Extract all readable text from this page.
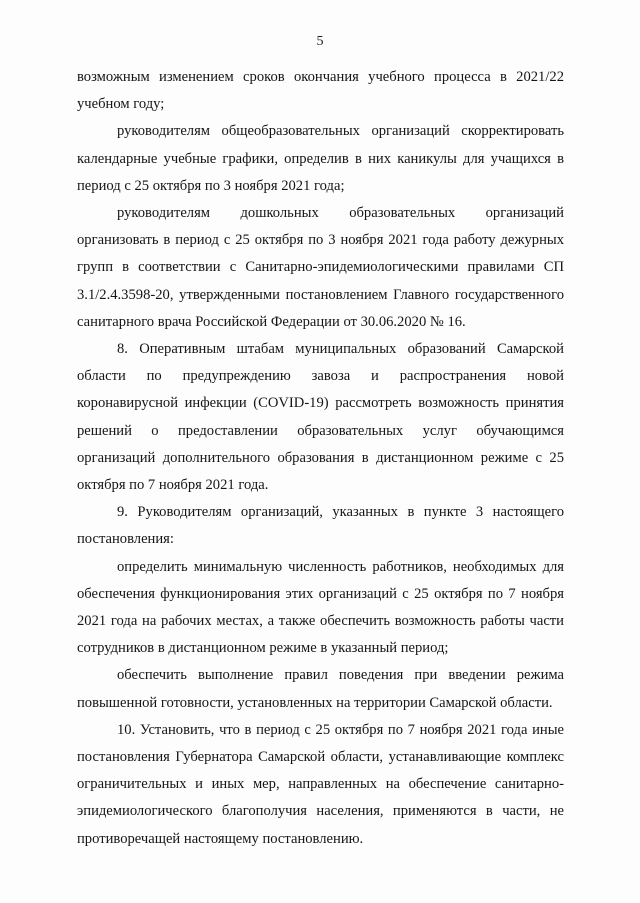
5

возможным изменением сроков окончания учебного процесса в 2021/22 учебном году;

руководителям общеобразовательных организаций скорректировать календарные учебные графики, определив в них каникулы для учащихся в период с 25 октября по 3 ноября 2021 года;

руководителям дошкольных образовательных организаций организовать в период с 25 октября по 3 ноября 2021 года работу дежурных групп в соответствии с Санитарно-эпидемиологическими правилами СП 3.1/2.4.3598-20, утвержденными постановлением Главного государственного санитарного врача Российской Федерации от 30.06.2020 № 16.

8. Оперативным штабам муниципальных образований Самарской области по предупреждению завоза и распространения новой коронавирусной инфекции (COVID-19) рассмотреть возможность принятия решений о предоставлении образовательных услуг обучающимся организаций дополнительного образования в дистанционном режиме с 25 октября по 7 ноября 2021 года.

9. Руководителям организаций, указанных в пункте 3 настоящего постановления:

определить минимальную численность работников, необходимых для обеспечения функционирования этих организаций с 25 октября по 7 ноября 2021 года на рабочих местах, а также обеспечить возможность работы части сотрудников в дистанционном режиме в указанный период;

обеспечить выполнение правил поведения при введении режима повышенной готовности, установленных на территории Самарской области.

10. Установить, что в период с 25 октября по 7 ноября 2021 года иные постановления Губернатора Самарской области, устанавливающие комплекс ограничительных и иных мер, направленных на обеспечение санитарно-эпидемиологического благополучия населения, применяются в части, не противоречащей настоящему постановлению.
